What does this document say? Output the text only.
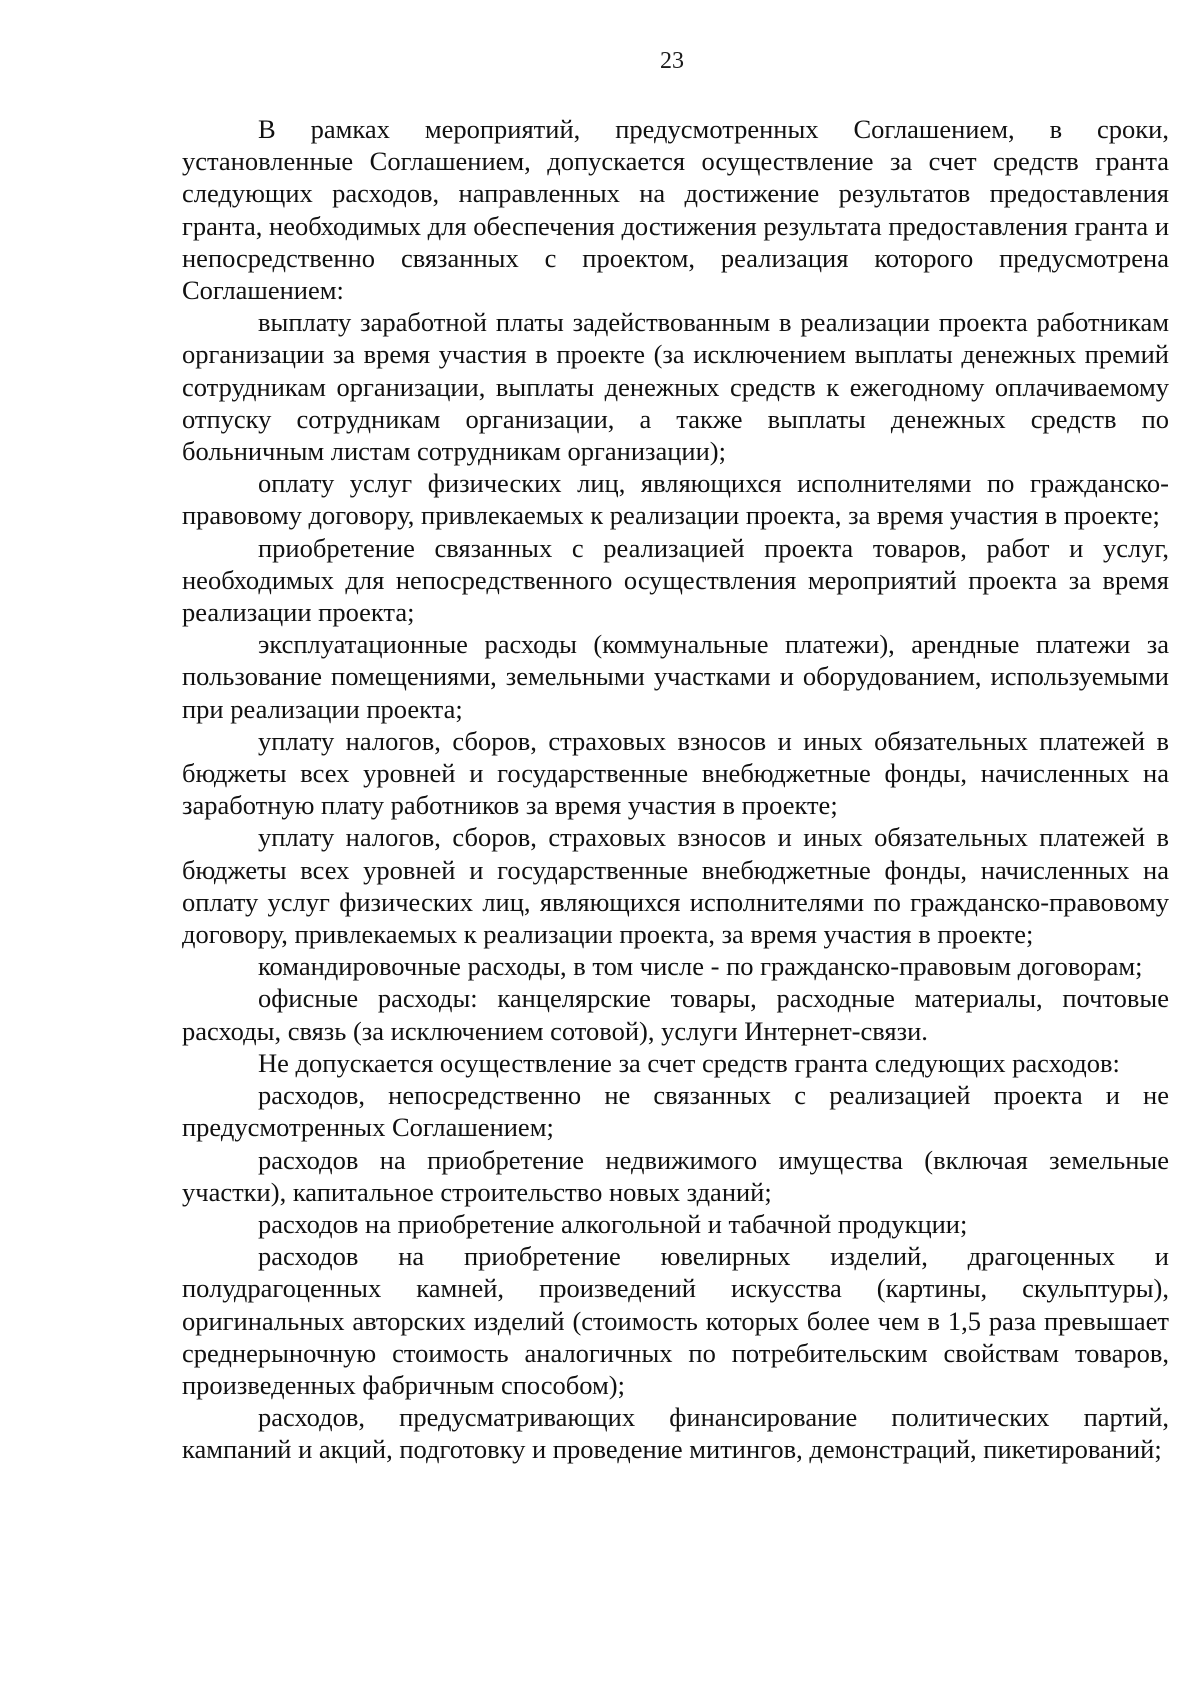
23

В рамках мероприятий, предусмотренных Соглашением, в сроки, установленные Соглашением, допускается осуществление за счет средств гранта следующих расходов, направленных на достижение результатов предоставления гранта, необходимых для обеспечения достижения результата предоставления гранта и непосредственно связанных с проектом, реализация которого предусмотрена Соглашением:

выплату заработной платы задействованным в реализации проекта работникам организации за время участия в проекте (за исключением выплаты денежных премий сотрудникам организации, выплаты денежных средств к ежегодному оплачиваемому отпуску сотрудникам организации, а также выплаты денежных средств по больничным листам сотрудникам организации);

оплату услуг физических лиц, являющихся исполнителями по гражданско-правовому договору, привлекаемых к реализации проекта, за время участия в проекте;

приобретение связанных с реализацией проекта товаров, работ и услуг, необходимых для непосредственного осуществления мероприятий проекта за время реализации проекта;

эксплуатационные расходы (коммунальные платежи), арендные платежи за пользование помещениями, земельными участками и оборудованием, используемыми при реализации проекта;

уплату налогов, сборов, страховых взносов и иных обязательных платежей в бюджеты всех уровней и государственные внебюджетные фонды, начисленных на заработную плату работников за время участия в проекте;

уплату налогов, сборов, страховых взносов и иных обязательных платежей в бюджеты всех уровней и государственные внебюджетные фонды, начисленных на оплату услуг физических лиц, являющихся исполнителями по гражданско-правовому договору, привлекаемых к реализации проекта, за время участия в проекте;

командировочные расходы, в том числе - по гражданско-правовым договорам;

офисные расходы: канцелярские товары, расходные материалы, почтовые расходы, связь (за исключением сотовой), услуги Интернет-связи.

Не допускается осуществление за счет средств гранта следующих расходов:

расходов, непосредственно не связанных с реализацией проекта и не предусмотренных Соглашением;

расходов на приобретение недвижимого имущества (включая земельные участки), капитальное строительство новых зданий;

расходов на приобретение алкогольной и табачной продукции;

расходов на приобретение ювелирных изделий, драгоценных и полудрагоценных камней, произведений искусства (картины, скульптуры), оригинальных авторских изделий (стоимость которых более чем в 1,5 раза превышает среднерыночную стоимость аналогичных по потребительским свойствам товаров, произведенных фабричным способом);

расходов, предусматривающих финансирование политических партий, кампаний и акций, подготовку и проведение митингов, демонстраций, пикетирований;
